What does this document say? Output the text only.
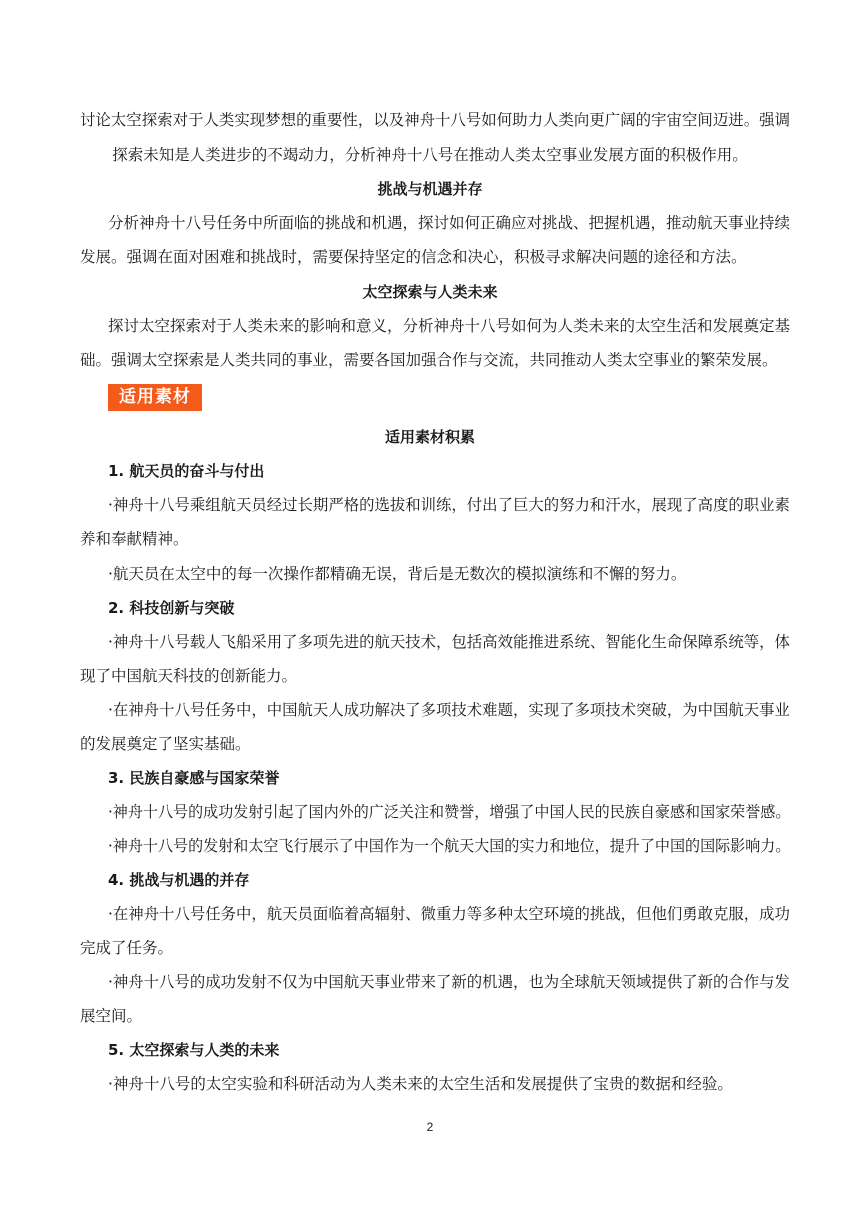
讨论太空探索对于人类实现梦想的重要性，以及神舟十八号如何助力人类向更广阔的宇宙空间迈进。强调
探索未知是人类进步的不竭动力，分析神舟十八号在推动人类太空事业发展方面的积极作用。
挑战与机遇并存
分析神舟十八号任务中所面临的挑战和机遇，探讨如何正确应对挑战、把握机遇，推动航天事业持续
发展。强调在面对困难和挑战时，需要保持坚定的信念和决心，积极寻求解决问题的途径和方法。
太空探索与人类未来
探讨太空探索对于人类未来的影响和意义，分析神舟十八号如何为人类未来的太空生活和发展奠定基
础。强调太空探索是人类共同的事业，需要各国加强合作与交流，共同推动人类太空事业的繁荣发展。
适用素材
适用素材积累
1. 航天员的奋斗与付出
·神舟十八号乘组航天员经过长期严格的选拔和训练，付出了巨大的努力和汗水，展现了高度的职业素
养和奉献精神。
·航天员在太空中的每一次操作都精确无误，背后是无数次的模拟演练和不懈的努力。
2. 科技创新与突破
·神舟十八号载人飞船采用了多项先进的航天技术，包括高效能推进系统、智能化生命保障系统等，体
现了中国航天科技的创新能力。
·在神舟十八号任务中，中国航天人成功解决了多项技术难题，实现了多项技术突破，为中国航天事业
的发展奠定了坚实基础。
3. 民族自豪感与国家荣誉
·神舟十八号的成功发射引起了国内外的广泛关注和赞誉，增强了中国人民的民族自豪感和国家荣誉感。
·神舟十八号的发射和太空飞行展示了中国作为一个航天大国的实力和地位，提升了中国的国际影响力。
4. 挑战与机遇的并存
·在神舟十八号任务中，航天员面临着高辐射、微重力等多种太空环境的挑战，但他们勇敢克服，成功
完成了任务。
·神舟十八号的成功发射不仅为中国航天事业带来了新的机遇，也为全球航天领域提供了新的合作与发
展空间。
5. 太空探索与人类的未来
·神舟十八号的太空实验和科研活动为人类未来的太空生活和发展提供了宝贵的数据和经验。
2
